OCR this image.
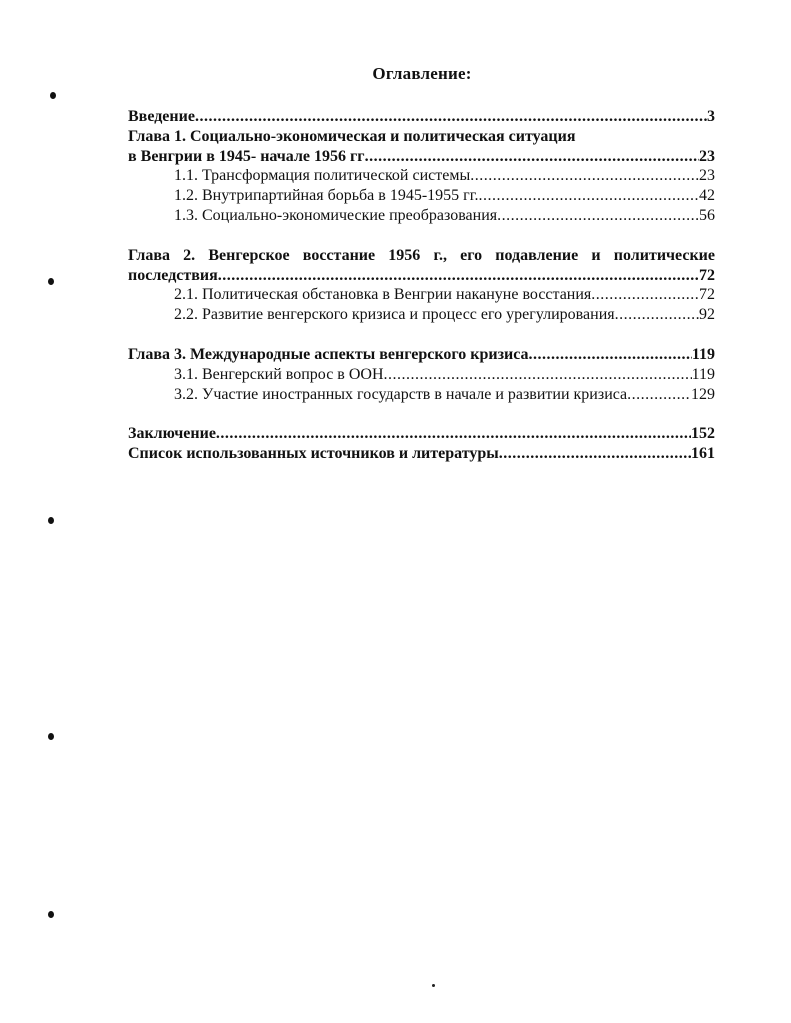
Оглавление:
Введение .....	3
Глава 1. Социально-экономическая и политическая ситуация
в Венгрии в 1945- начале 1956 гг .....	23
1.1. Трансформация политической системы .....	23
1.2. Внутрипартийная борьба в 1945-1955 гг. .....	42
1.3. Социально-экономические преобразования .....	56
Глава 2. Венгерское восстание 1956 г., его подавление и политические
последствия .....	72
2.1. Политическая обстановка в Венгрии накануне восстания .....	72
2.2. Развитие венгерского кризиса и процесс его урегулирования .....	92
Глава 3. Международные аспекты венгерского кризиса .....	119
3.1. Венгерский вопрос в ООН .....	119
3.2. Участие иностранных государств в начале и развитии кризиса .....	129
Заключение .....	152
Список использованных источников и литературы .....	161
